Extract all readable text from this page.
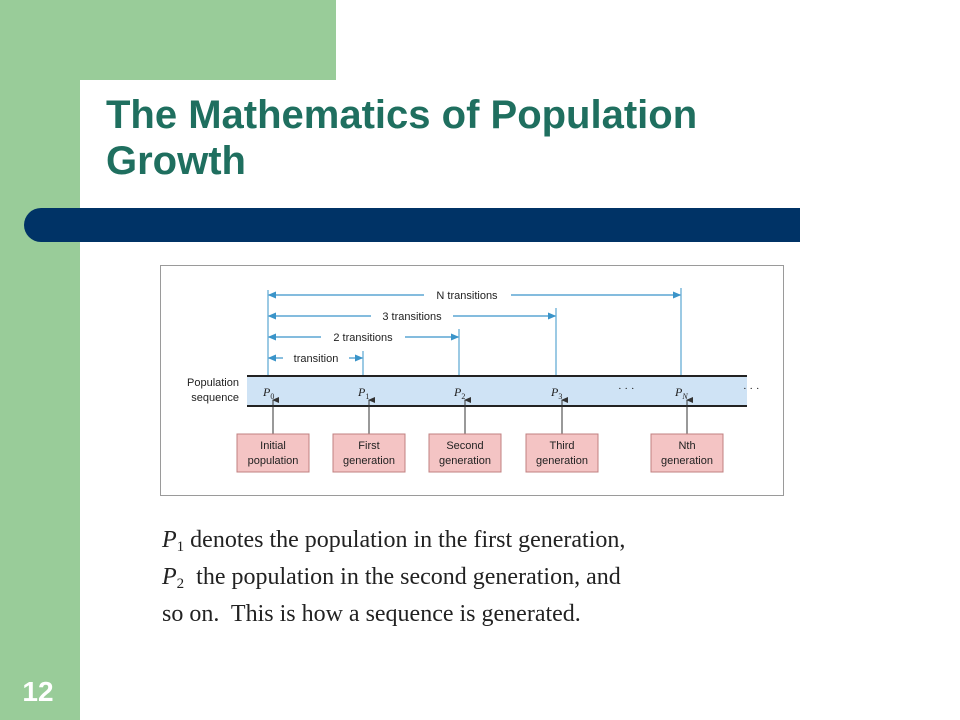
The Mathematics of Population
Growth
N transitions
3 transitions
2 transitions
transition
Population
sequence $P_0$	$P_1$	$P_2$	$P_3$	$P_N$
· · ·	· · ·
Initial
population
First
generation
Second
generation
Third
generation
Nth
generation
$P_1$ denotes the population in the first generation,
$P_2$  the population in the second generation, and
so on.  This is how a sequence is generated.
12
